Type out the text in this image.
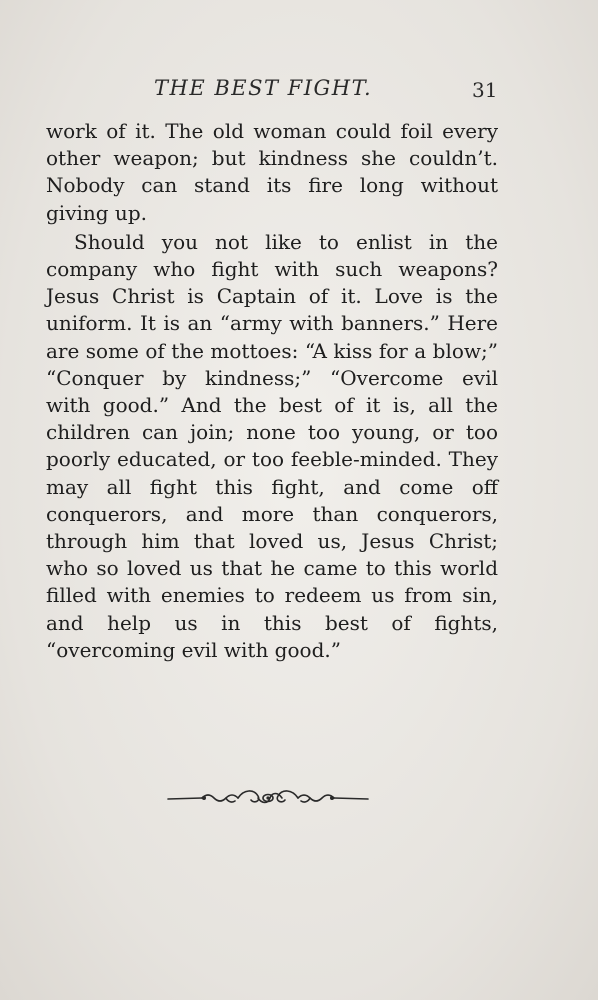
THE BEST FIGHT.	31

work of it. The old woman could foil every other weapon; but kindness she couldn’t. Nobody can stand its fire long without giving up.

Should you not like to enlist in the company who fight with such weapons? Jesus Christ is Captain of it. Love is the uniform. It is an “army with banners.” Here are some of the mottoes: “A kiss for a blow;” “Conquer by kindness;” “Overcome evil with good.” And the best of it is, all the children can join; none too young, or too poorly educated, or too feeble-minded. They may all fight this fight, and come off conquerors, and more than conquerors, through him that loved us, Jesus Christ; who so loved us that he came to this world filled with enemies to redeem us from sin, and help us in this best of fights, “overcoming evil with good.”
